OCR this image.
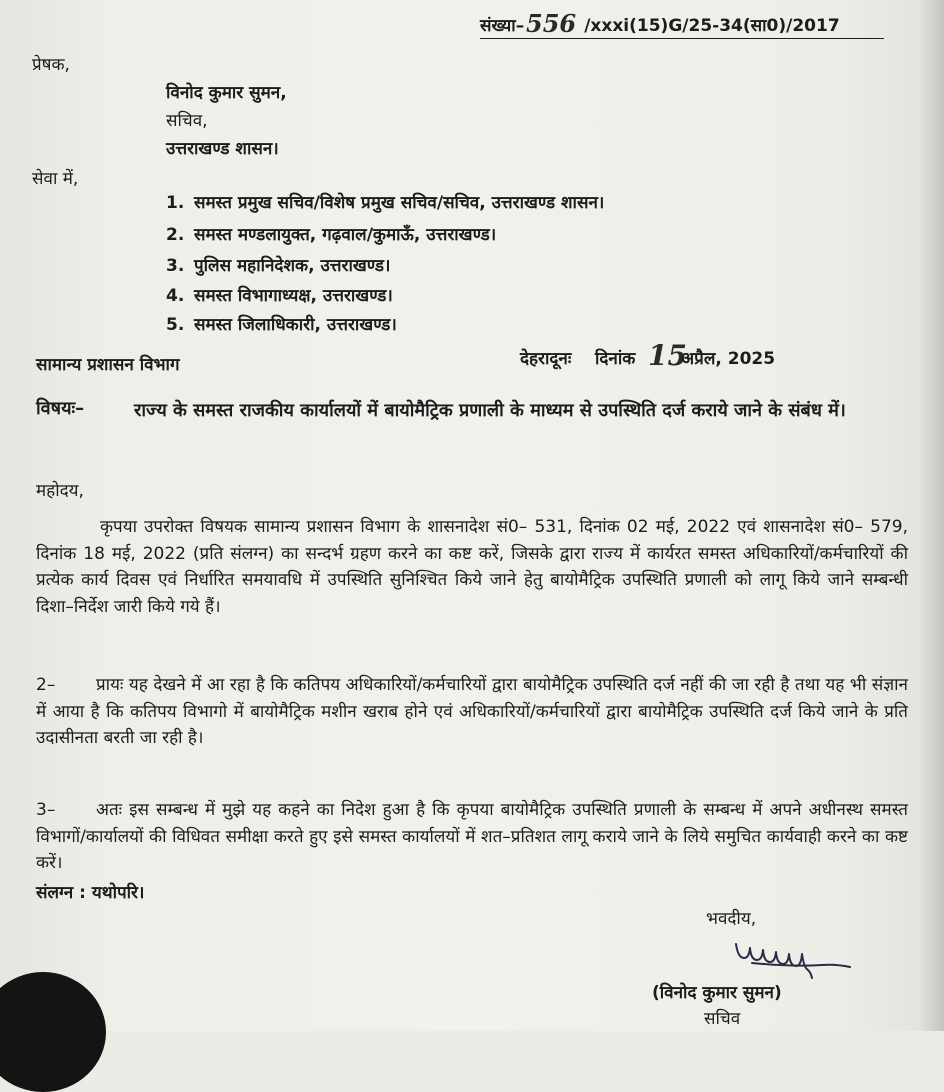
संख्या– 556 /xxxi(15)G/25-34(सा0)/2017
प्रेषक,
विनोद कुमार सुमन,
सचिव,
उत्तराखण्ड शासन।
सेवा में,
1. समस्त प्रमुख सचिव/विशेष प्रमुख सचिव/सचिव, उत्तराखण्ड शासन।
2. समस्त मण्डलायुक्त, गढ़वाल/कुमाऊँ, उत्तराखण्ड।
3. पुलिस महानिदेशक, उत्तराखण्ड।
4. समस्त विभागाध्यक्ष, उत्तराखण्ड।
5. समस्त जिलाधिकारी, उत्तराखण्ड।
सामान्य प्रशासन विभाग	देहरादूनः दिनांक 15
अप्रैल, 2025
विषयः–	राज्य के समस्त राजकीय कार्यालयों में बायोमैट्रिक प्रणाली के माध्यम से उपस्थिति दर्ज कराये जाने के संबंध में।
महोदय,
कृपया उपरोक्त विषयक सामान्य प्रशासन विभाग के शासनादेश सं0– 531, दिनांक 02 मई, 2022 एवं शासनादेश सं0– 579, दिनांक 18 मई, 2022 (प्रति संलग्न) का सन्दर्भ ग्रहण करने का कष्ट करें, जिसके द्वारा राज्य में कार्यरत समस्त अधिकारियों/कर्मचारियों की प्रत्येक कार्य दिवस एवं निर्धारित समयावधि में उपस्थिति सुनिश्चित किये जाने हेतु बायोमैट्रिक उपस्थिति प्रणाली को लागू किये जाने सम्बन्धी दिशा–निर्देश जारी किये गये हैं।
2– प्रायः यह देखने में आ रहा है कि कतिपय अधिकारियों/कर्मचारियों द्वारा बायोमैट्रिक उपस्थिति दर्ज नहीं की जा रही है तथा यह भी संज्ञान में आया है कि कतिपय विभागो में बायोमैट्रिक मशीन खराब होने एवं अधिकारियों/कर्मचारियों द्वारा बायोमैट्रिक उपस्थिति दर्ज किये जाने के प्रति उदासीनता बरती जा रही है।
3– अतः इस सम्बन्ध में मुझे यह कहने का निदेश हुआ है कि कृपया बायोमैट्रिक उपस्थिति प्रणाली के सम्बन्ध में अपने अधीनस्थ समस्त विभागों/कार्यालयों की विधिवत समीक्षा करते हुए इसे समस्त कार्यालयों में शत–प्रतिशत लागू कराये जाने के लिये समुचित कार्यवाही करने का कष्ट करें।
संलग्न : यथोपरि।
भवदीय,
(विनोद कुमार सुमन)
सचिव
